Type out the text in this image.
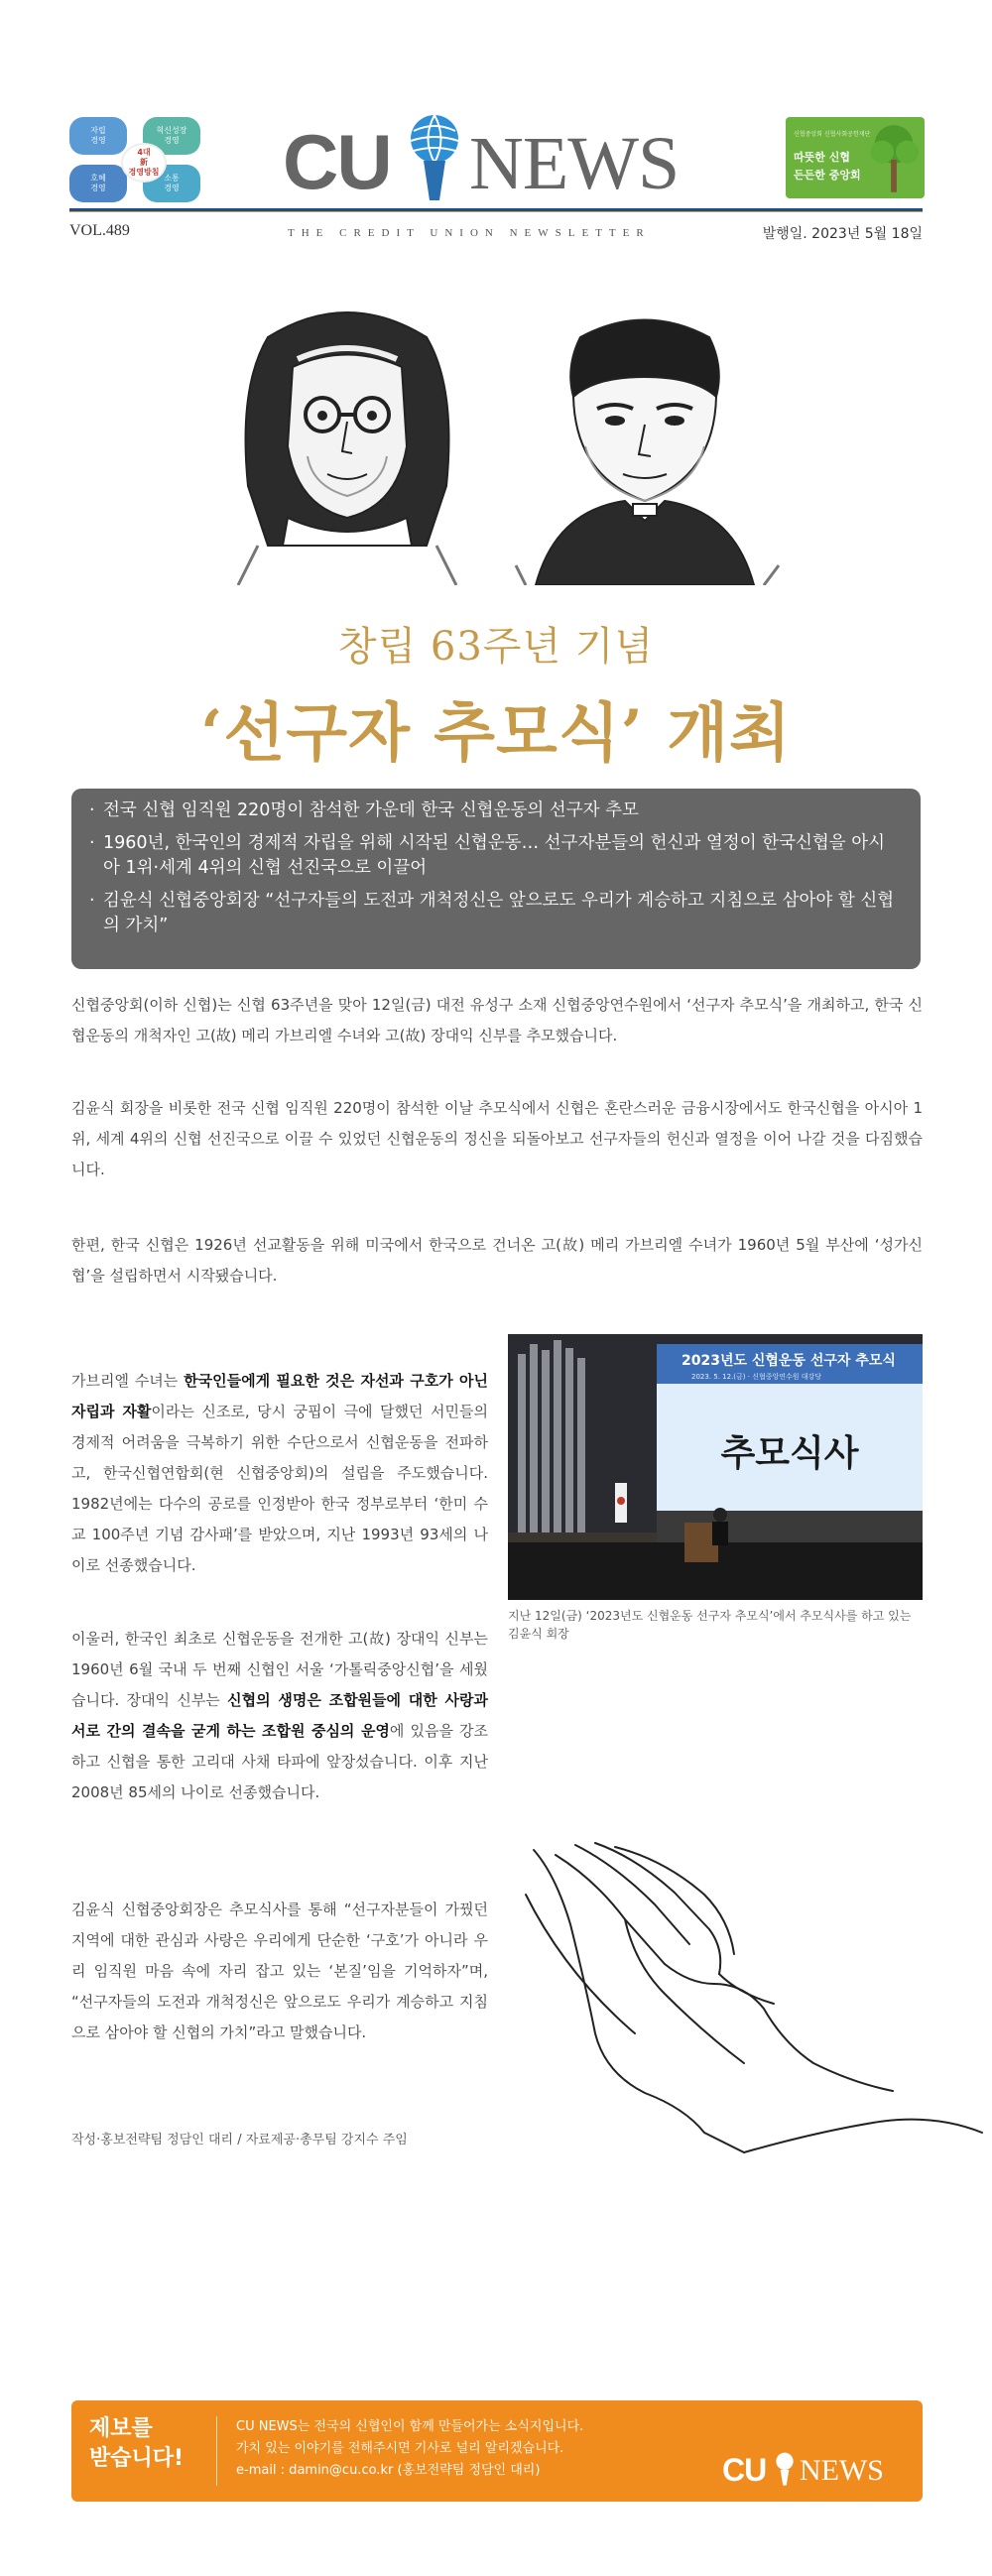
자립
경영
혁신성장
경영
호혜
경영
소통
경영
4대
新
경영방침 CU NEWS	신협중앙회 신협사회공헌재단
따뜻한 신협
든든한 중앙회
VOL.489	THE CREDIT UNION NEWSLETTER	발행일. 2023년 5월 18일
창립 63주년 기념
‘선구자 추모식’ 개최
· 전국 신협 임직원 220명이 참석한 가운데 한국 신협운동의 선구자 추모
· 1960년, 한국인의 경제적 자립을 위해 시작된 신협운동… 선구자분들의 헌신과 열정이 한국신협을 아시아 1위·세계 4위의 신협 선진국으로 이끌어
· 김윤식 신협중앙회장 “선구자들의 도전과 개척정신은 앞으로도 우리가 계승하고 지침으로 삼아야 할 신협의 가치”

신협중앙회(이하 신협)는 신협 63주년을 맞아 12일(금) 대전 유성구 소재 신협중앙연수원에서 ‘선구자 추모식’을 개최하고, 한국 신협운동의 개척자인 고(故) 메리 가브리엘 수녀와 고(故) 장대익 신부를 추모했습니다.

김윤식 회장을 비롯한 전국 신협 임직원 220명이 참석한 이날 추모식에서 신협은 혼란스러운 금융시장에서도 한국신협을 아시아 1위, 세계 4위의 신협 선진국으로 이끌 수 있었던 신협운동의 정신을 되돌아보고 선구자들의 헌신과 열정을 이어 나갈 것을 다짐했습니다.

한편, 한국 신협은 1926년 선교활동을 위해 미국에서 한국으로 건너온 고(故) 메리 가브리엘 수녀가 1960년 5월 부산에 ‘성가신협’을 설립하면서 시작됐습니다.

가브리엘 수녀는 한국인들에게 필요한 것은 자선과 구호가 아닌 자립과 자활이라는 신조로, 당시 궁핍이 극에 달했던 서민들의 경제적 어려움을 극복하기 위한 수단으로서 신협운동을 전파하고, 한국신협연합회(현 신협중앙회)의 설립을 주도했습니다. 1982년에는 다수의 공로를 인정받아 한국 정부로부터 ‘한미 수교 100주년 기념 감사패’를 받았으며, 지난 1993년 93세의 나이로 선종했습니다.

이울러, 한국인 최초로 신협운동을 전개한 고(故) 장대익 신부는 1960년 6월 국내 두 번째 신협인 서울 ‘가톨릭중앙신협’을 세웠습니다. 장대익 신부는 신협의 생명은 조합원들에 대한 사랑과 서로 간의 결속을 굳게 하는 조합원 중심의 운영에 있음을 강조하고 신협을 통한 고리대 사채 타파에 앞장섰습니다. 이후 지난 2008년 85세의 나이로 선종했습니다.

김윤식 신협중앙회장은 추모식사를 통해 “선구자분들이 가꿨던 지역에 대한 관심과 사랑은 우리에게 단순한 ‘구호’가 아니라 우리 임직원 마음 속에 자리 잡고 있는 ‘본질’임을 기억하자”며, “선구자들의 도전과 개척정신은 앞으로도 우리가 계승하고 지침으로 삼아야 할 신협의 가치”라고 말했습니다.

추모식사
2023년도 신협운동 선구자 추모식
2023. 5. 12.(금) · 신협중앙연수원 대강당
지난 12일(금) ‘2023년도 신협운동 선구자 추모식’에서 추모식사를 하고 있는 김윤식 회장
작성·홍보전략팀 정담인 대리 / 자료제공·총무팀 강지수 주임
제보를
받습니다!
CU NEWS는 전국의 신협인이 함께 만들어가는 소식지입니다.
가치 있는 이야기를 전해주시면 기사로 널리 알리겠습니다.
e-mail : damin@cu.co.kr (홍보전략팀 정담인 대리)	CU NEWS
